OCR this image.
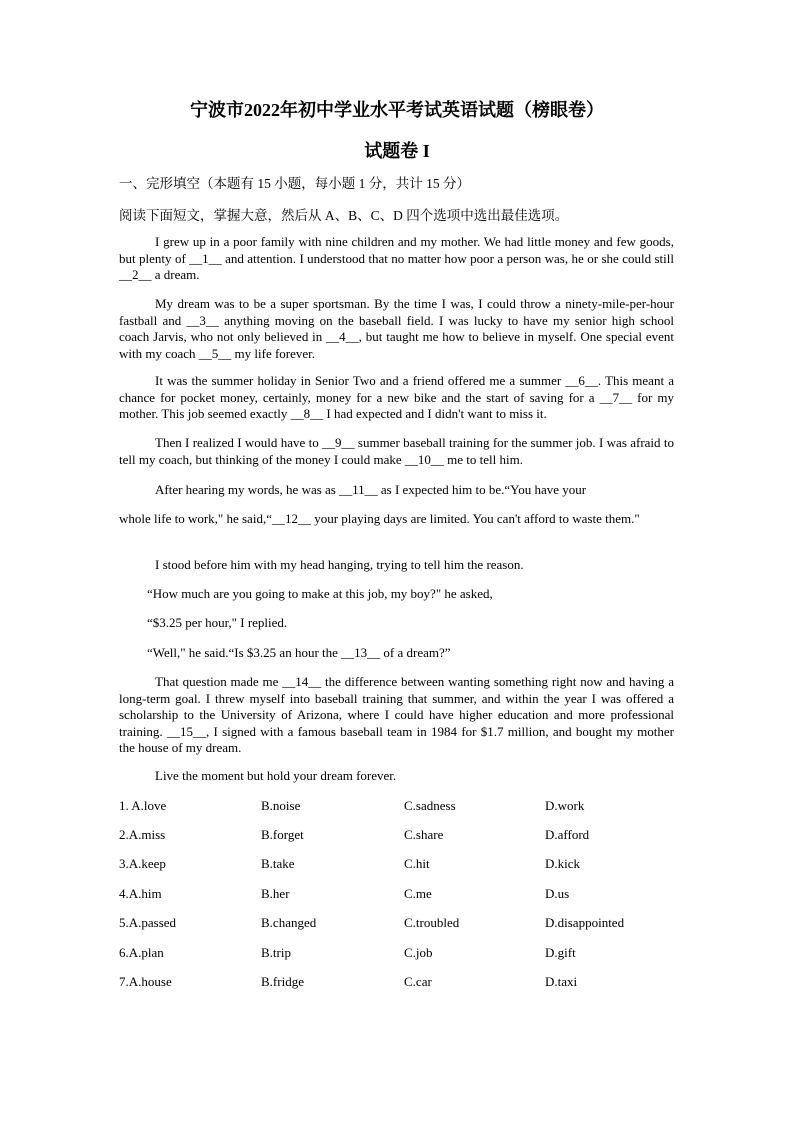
宁波市2022年初中学业水平考试英语试题（榜眼卷）
试题卷 I
一、完形填空（本题有 15 小题，每小题 1 分，共计 15 分）
阅读下面短文，掌握大意，然后从 A、B、C、D 四个选项中选出最佳选项。
I grew up in a poor family with nine children and my mother. We had little money and few goods, but plenty of __1__ and attention. I understood that no matter how poor a person was, he or she could still __2__ a dream.
My dream was to be a super sportsman. By the time I was, I could throw a ninety-mile-per-hour fastball and __3__ anything moving on the baseball field. I was lucky to have my senior high school coach Jarvis, who not only believed in __4__, but taught me how to believe in myself. One special event with my coach __5__ my life forever.
It was the summer holiday in Senior Two and a friend offered me a summer __6__. This meant a chance for pocket money, certainly, money for a new bike and the start of saving for a __7__ for my mother. This job seemed exactly __8__ I had expected and I didn't want to miss it.
Then I realized I would have to __9__ summer baseball training for the summer job. I was afraid to tell my coach, but thinking of the money I could make __10__ me to tell him.
After hearing my words, he was as __11__ as I expected him to be.“You have your
whole life to work," he said,“__12__ your playing days are limited. You can't afford to waste them."
I stood before him with my head hanging, trying to tell him the reason.
“How much are you going to make at this job, my boy?" he asked,
“$3.25 per hour," I replied.
“Well," he said.“Is $3.25 an hour the __13__ of a dream?”
That question made me __14__ the difference between wanting something right now and having a long-term goal. I threw myself into baseball training that summer, and within the year I was offered a scholarship to the University of Arizona, where I could have higher education and more professional training. __15__, I signed with a famous baseball team in 1984 for $1.7 million, and bought my mother the house of my dream.
Live the moment but hold your dream forever.
1. A.love	B.noise	C.sadness	D.work
2.A.miss	B.forget	C.share	D.afford
3.A.keep	B.take	C.hit	D.kick
4.A.him	B.her	C.me	D.us
5.A.passed	B.changed	C.troubled	D.disappointed
6.A.plan	B.trip	C.job	D.gift
7.A.house	B.fridge	C.car	D.taxi
